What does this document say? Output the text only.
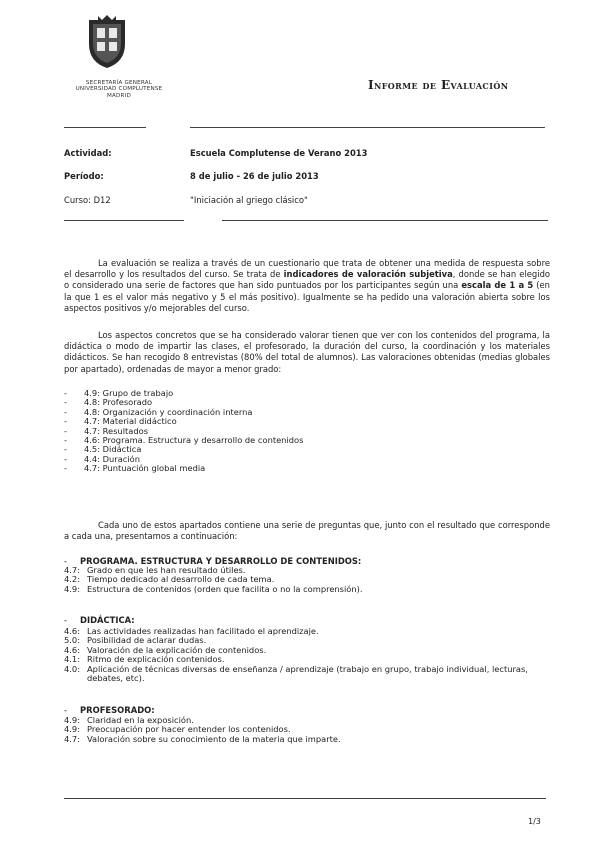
SECRETARÍA GENERAL
UNIVERSIDAD COMPLUTENSE
MADRID
Informe de Evaluación
Actividad:	Escuela Complutense de Verano 2013
Período:	8 de julio - 26 de julio 2013
Curso: D12	"Iniciación al griego clásico"
La evaluación se realiza a través de un cuestionario que trata de obtener una medida de respuesta sobre el desarrollo y los resultados del curso. Se trata de indicadores de valoración subjetiva, donde se han elegido o considerado una serie de factores que han sido puntuados por los participantes según una escala de 1 a 5 (en la que 1 es el valor más negativo y 5 el más positivo). Igualmente se ha pedido una valoración abierta sobre los aspectos positivos y/o mejorables del curso.
Los aspectos concretos que se ha considerado valorar tienen que ver con los contenidos del programa, la didáctica o modo de impartir las clases, el profesorado, la duración del curso, la coordinación y los materiales didácticos. Se han recogido 8 entrevistas (80% del total de alumnos). Las valoraciones obtenidas (medias globales por apartado), ordenadas de mayor a menor grado:
- 4.9: Grupo de trabajo
- 4.8: Profesorado
- 4.8: Organización y coordinación interna
- 4.7: Material didáctico
- 4.7: Resultados
- 4.6: Programa. Estructura y desarrollo de contenidos
- 4.5: Didáctica
- 4.4: Duración
- 4.7: Puntuación global media
Cada uno de estos apartados contiene una serie de preguntas que, junto con el resultado que corresponde a cada una, presentamos a continuación:
- PROGRAMA. ESTRUCTURA Y DESARROLLO DE CONTENIDOS:
4.7: Grado en que les han resultado útiles.
4.2: Tiempo dedicado al desarrollo de cada tema.
4.9: Estructura de contenidos (orden que facilita o no la comprensión).
- DIDÁCTICA:
4.6: Las actividades realizadas han facilitado el aprendizaje.
5.0: Posibilidad de aclarar dudas.
4.6: Valoración de la explicación de contenidos.
4.1: Ritmo de explicación contenidos.
4.0: Aplicación de técnicas diversas de enseñanza / aprendizaje (trabajo en grupo, trabajo individual, lecturas, debates, etc).
- PROFESORADO:
4.9: Claridad en la exposición.
4.9: Preocupación por hacer entender los contenidos.
4.7: Valoración sobre su conocimiento de la materia que imparte.
1/3
